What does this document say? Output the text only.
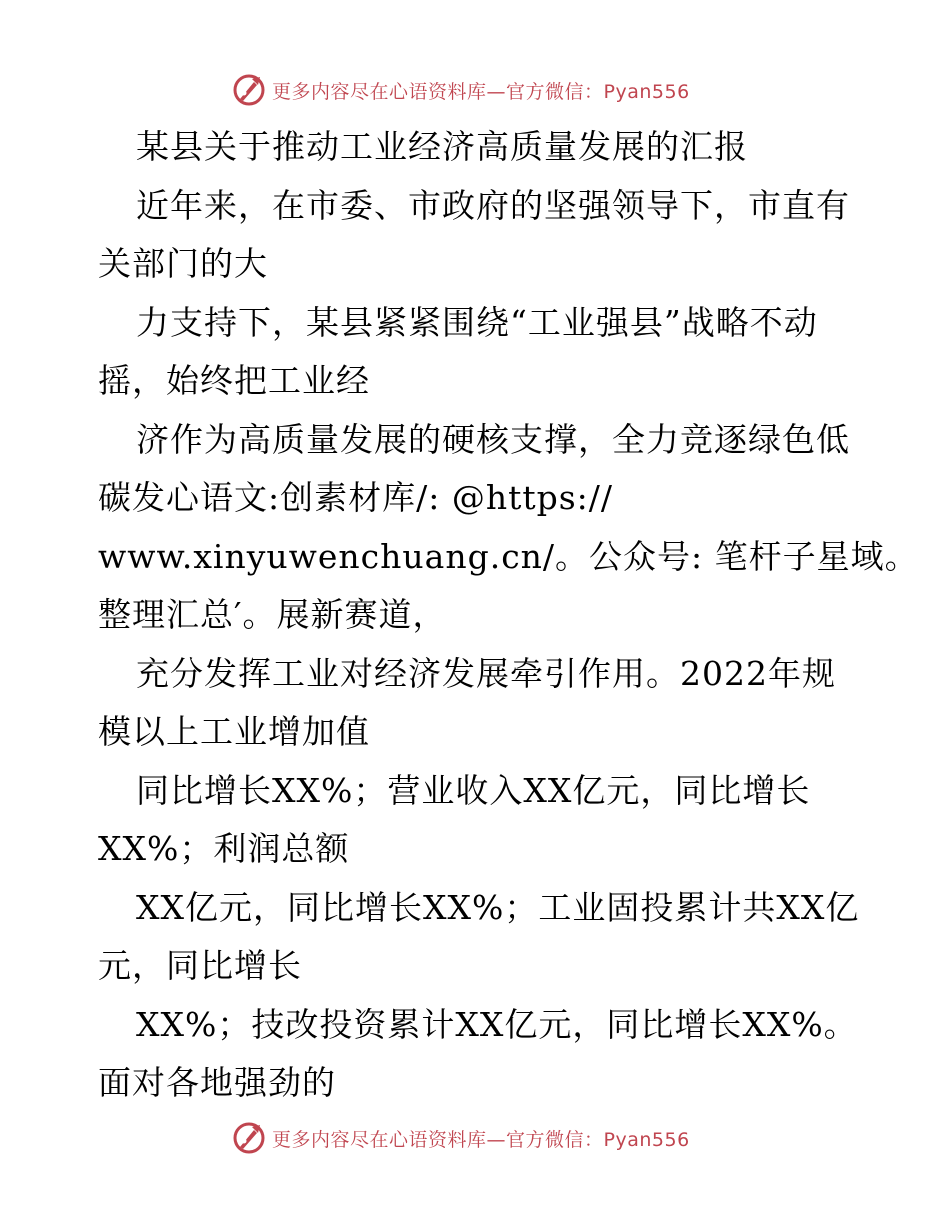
更多内容尽在心语资料库—官方微信：Pyan556
某县关于推动工业经济高质量发展的汇报
近年来，在市委、市政府的坚强领导下，市直有
关部门的大
力支持下，某县紧紧围绕“工业强县”战略不动
摇，始终把工业经
济作为高质量发展的硬核支撑，全力竞逐绿色低
碳发心语文:创素材库/: @https://
www.xinyuwenchuang.cn/。公众号: 笔杆子星域。
整理汇总′。展新赛道，
充分发挥工业对经济发展牵引作用。2022年规
模以上工业增加值
同比增长XX%；营业收入XX亿元，同比增长
XX%；利润总额
XX亿元，同比增长XX%；工业固投累计共XX亿
元，同比增长
XX%；技改投资累计XX亿元，同比增长XX%。
面对各地强劲的
更多内容尽在心语资料库—官方微信：Pyan556
